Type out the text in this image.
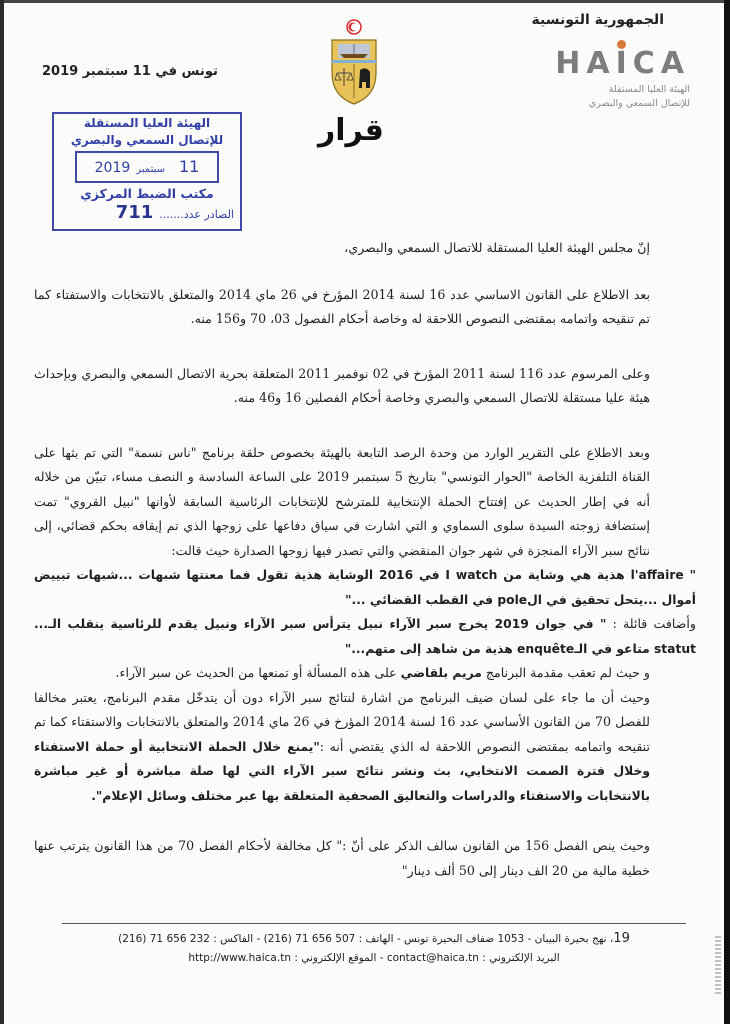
الجمهورية التونسية
HAICA
الهيئة العليا المستقلة
للإتصال السمعي والبصري
قرار
تونس في 11 سبتمبر 2019
الهيئة العليا المستقلة
للإتصال السمعي والبصري
11سبتمبر2019
مكتب الضبط المركزي
الصادر عدد.......711

إنّ مجلس الهيئة العليا المستقلة للاتصال السمعي والبصري،

بعد الاطلاع على القانون الاساسي عدد 16 لسنة 2014 المؤرخ في 26 ماي 2014 والمتعلق بالانتخابات والاستفتاء كما تم تنقيحه واتمامه بمقتضى النصوص اللاحقة له وخاصة أحكام الفصول 03، 70 و156 منه.

وعلى المرسوم عدد 116 لسنة 2011 المؤرخ في 02 نوفمبر 2011 المتعلقة بحرية الاتصال السمعي والبصري وبإحداث هيئة عليا مستقلة للاتصال السمعي والبصري وخاصة أحكام الفصلين 16 و46 منه.

وبعد الاطلاع على التقرير الوارد من وحدة الرصد التابعة بالهيئة بخصوص حلقة برنامج "ناس نسمة" التي تم بثها على القناة التلفزية الخاصة "الحوار التونسي" بتاريخ 5 سبتمبر 2019 على الساعة السادسة و النصف مساء، تبيّن من خلاله أنه في إطار الحديث عن إفتتاح الحملة الإنتخابية للمترشح للإنتخابات الرئاسية السابقة لأوانها "نبيل القروي" تمت إستضافة زوجته السيدة سلوى السماوي و التي اشارت في سياق دفاعها على زوجها الذي تم إيقافه بحكم قضائي، إلى نتائج سبر الآراء المنجزة في شهر جوان المنقضي والتي تصدر فيها زوجها الصدارة حيث قالت:

" l'affaire هذية هي وشاية من I watch في 2016 الوشاية هذية تقول فما معنتها شبهات ...شبهات تبييض أموال ...يتحل تحقيق في الpole في القطب القضائي ..."

وأضافت قائلة : " في جوان 2019 يخرج سبر الآراء نبيل يترأس سبر الآراء ونبيل يقدم للرئاسية ينقلب الـ... statut متاعو في الـenquête هذية من شاهد إلى متهم..."

و حيث لم تعقب مقدمة البرنامج مريم بلقاضي على هذه المسألة أو تمنعها من الحديث عن سبر الآراء.

وحيث أن ما جاء على لسان ضيف البرنامج من اشارة لنتائج سبر الآراء دون أن يتدخّل مقدم البرنامج، يعتبر مخالفا للفصل 70 من القانون الأساسي عدد 16 لسنة 2014 المؤرخ في 26 ماي 2014 والمتعلق بالانتخابات والاستفتاء كما تم تنقيحه واتمامه بمقتضى النصوص اللاحقة له الذي يقتضي أنه :"يمنع خلال الحملة الانتخابية أو حملة الاستفتاء وخلال فترة الصمت الانتخابي، بث ونشر نتائج سبر الآراء التي لها صلة مباشرة أو غير مباشرة بالانتخابات والاستفتاء والدراسات والتعاليق الصحفية المتعلقة بها عبر مختلف وسائل الإعلام".

وحيث ينص الفصل 156 من القانون سالف الذكر على أنّ :" كل مخالفة لأحكام الفصل 70 من هذا القانون يترتب عنها خطية مالية من 20 الف دينار إلى 50 ألف دينار"

19، نهج بحيرة البيبان - 1053 ضفاف البحيرة تونس - الهاتف : 507 656 71 (216) - الفاكس : 232 656 71 (216)
البريد الإلكتروني : contact@haica.tn - الموقع الإلكتروني : http://www.haica.tn
